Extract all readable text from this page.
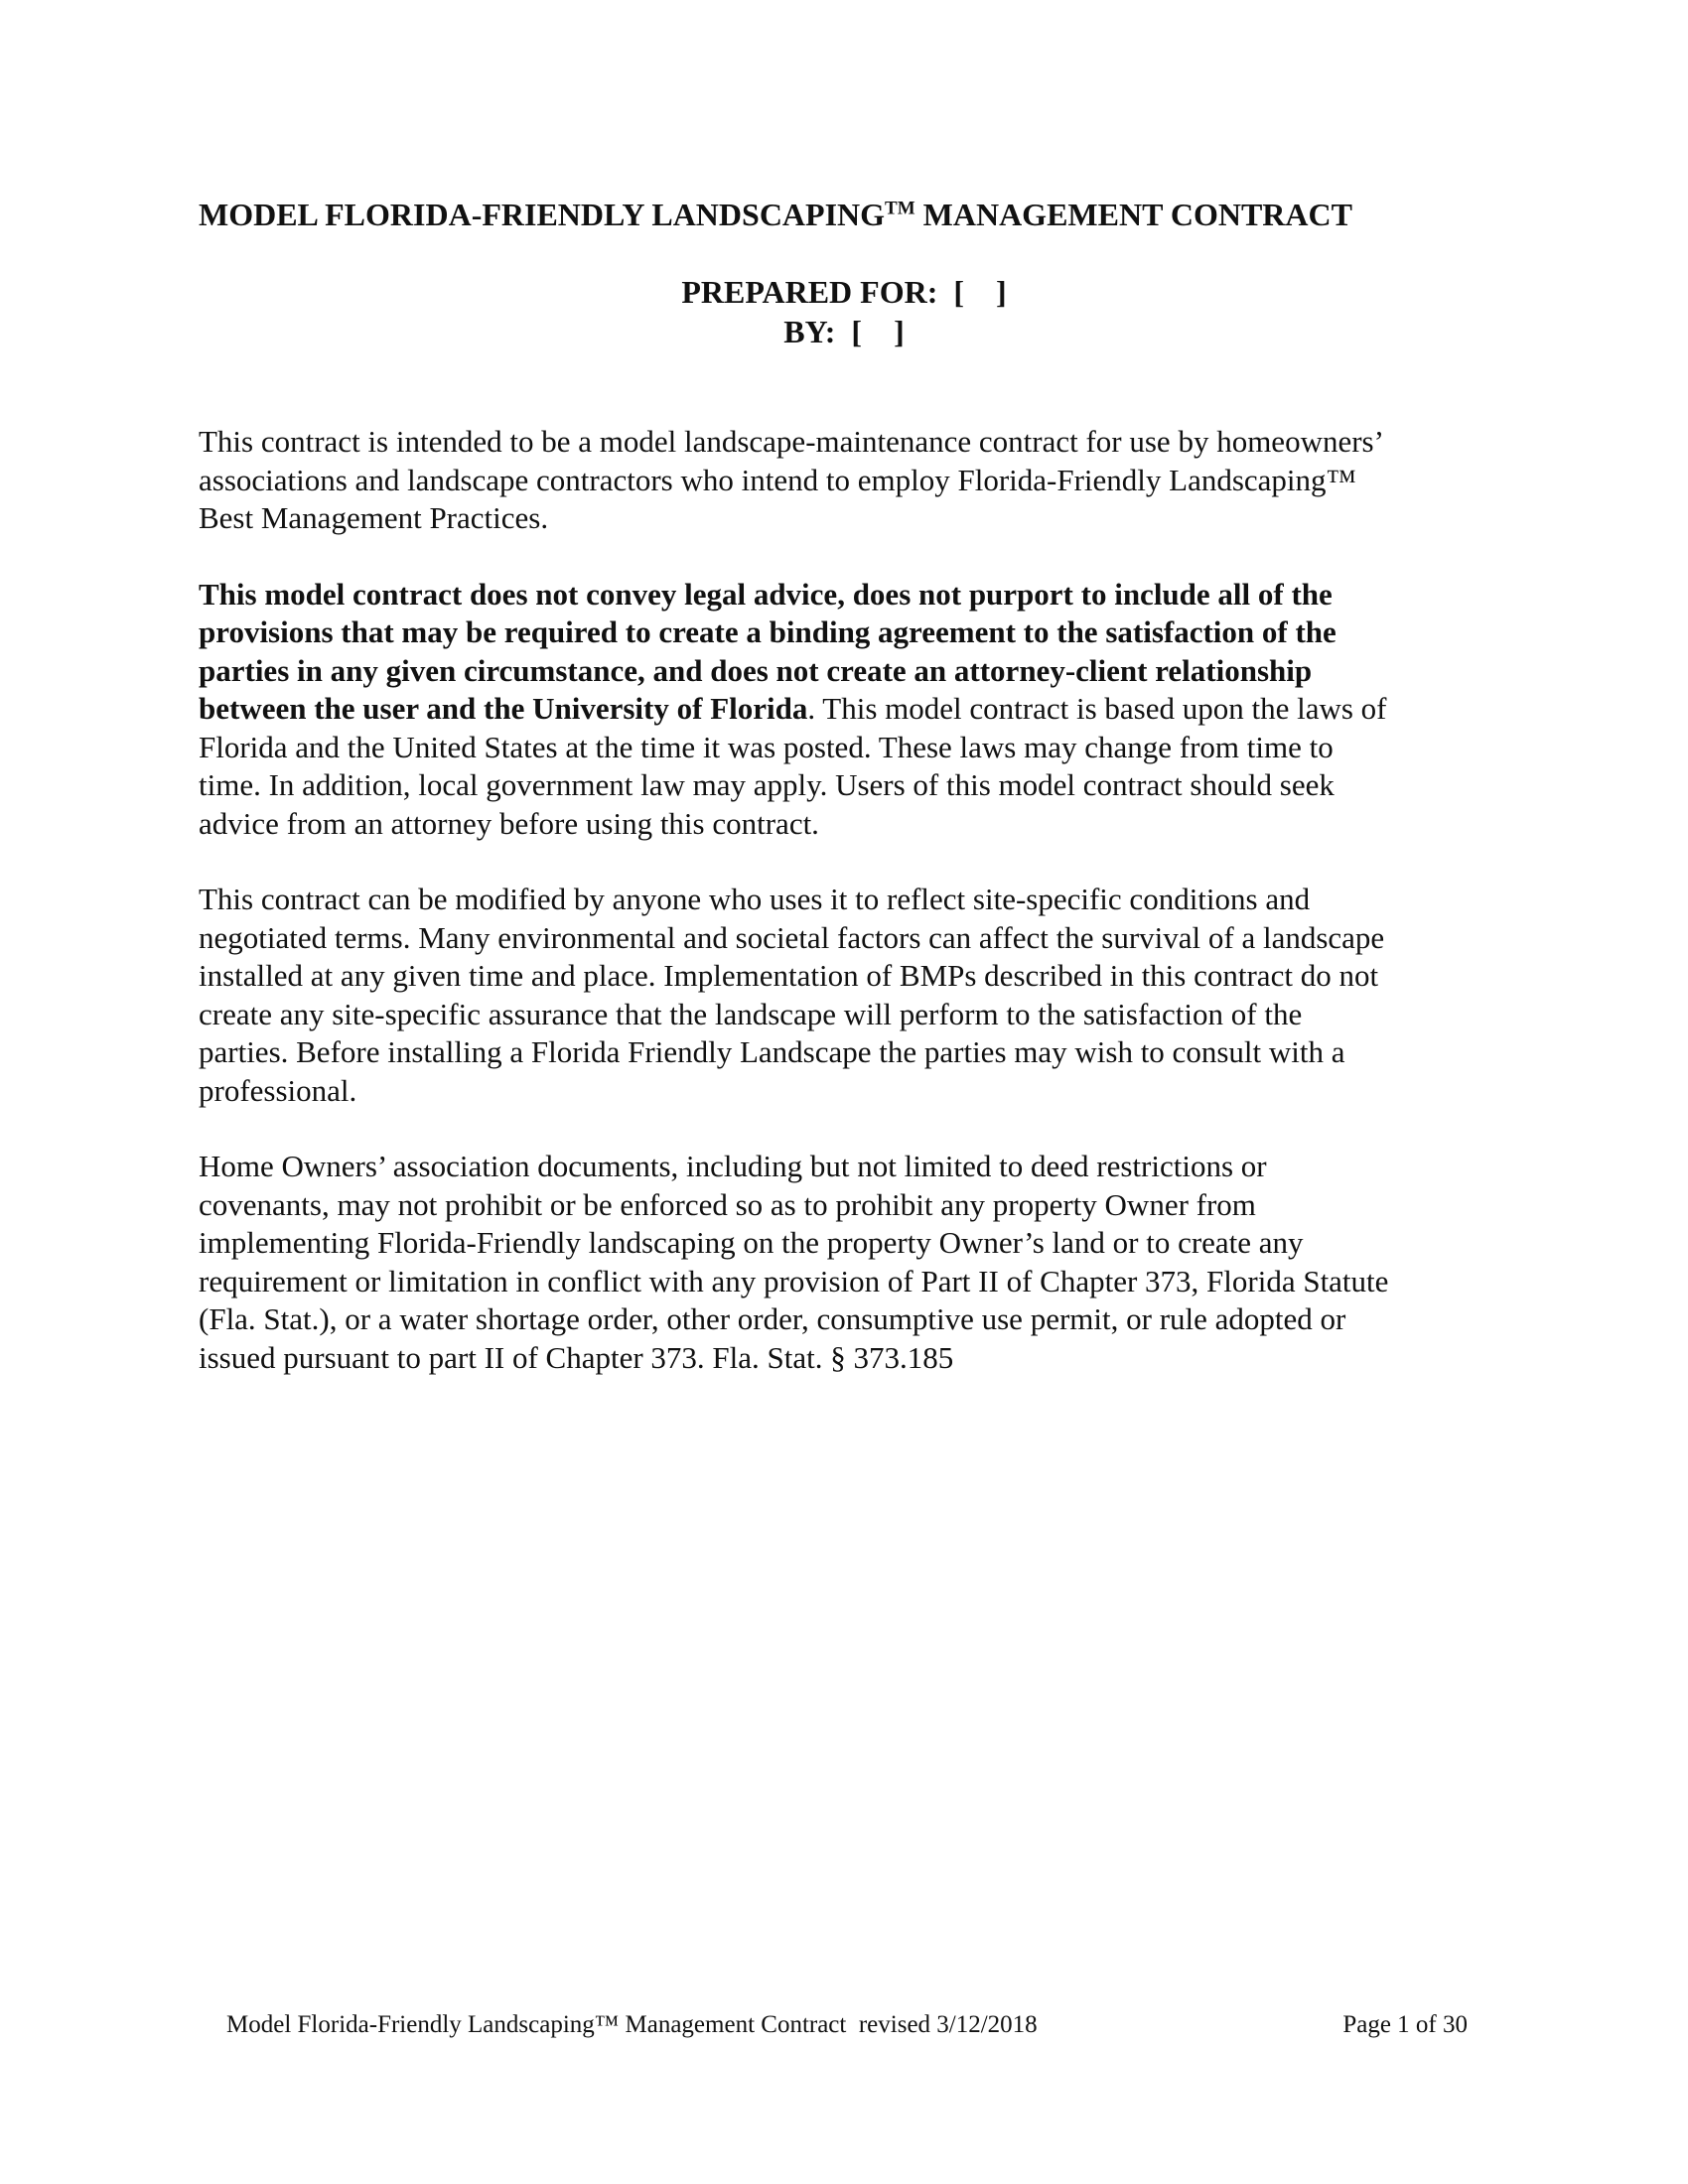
MODEL FLORIDA-FRIENDLY LANDSCAPING™ MANAGEMENT CONTRACT
PREPARED FOR:  [    ]
BY:  [    ]

This contract is intended to be a model landscape-maintenance contract for use by homeowners’
associations and landscape contractors who intend to employ Florida-Friendly Landscaping™
Best Management Practices.

This model contract does not convey legal advice, does not purport to include all of the
provisions that may be required to create a binding agreement to the satisfaction of the
parties in any given circumstance, and does not create an attorney-client relationship
between the user and the University of Florida. This model contract is based upon the laws of
Florida and the United States at the time it was posted. These laws may change from time to
time. In addition, local government law may apply. Users of this model contract should seek
advice from an attorney before using this contract.

This contract can be modified by anyone who uses it to reflect site-specific conditions and
negotiated terms. Many environmental and societal factors can affect the survival of a landscape
installed at any given time and place. Implementation of BMPs described in this contract do not
create any site-specific assurance that the landscape will perform to the satisfaction of the
parties. Before installing a Florida Friendly Landscape the parties may wish to consult with a
professional.

Home Owners’ association documents, including but not limited to deed restrictions or
covenants, may not prohibit or be enforced so as to prohibit any property Owner from
implementing Florida-Friendly landscaping on the property Owner’s land or to create any
requirement or limitation in conflict with any provision of Part II of Chapter 373, Florida Statute
(Fla. Stat.), or a water shortage order, other order, consumptive use permit, or rule adopted or
issued pursuant to part II of Chapter 373. Fla. Stat. § 373.185

Model Florida-Friendly Landscaping™ Management Contract  revised 3/12/2018	Page 1 of 30
